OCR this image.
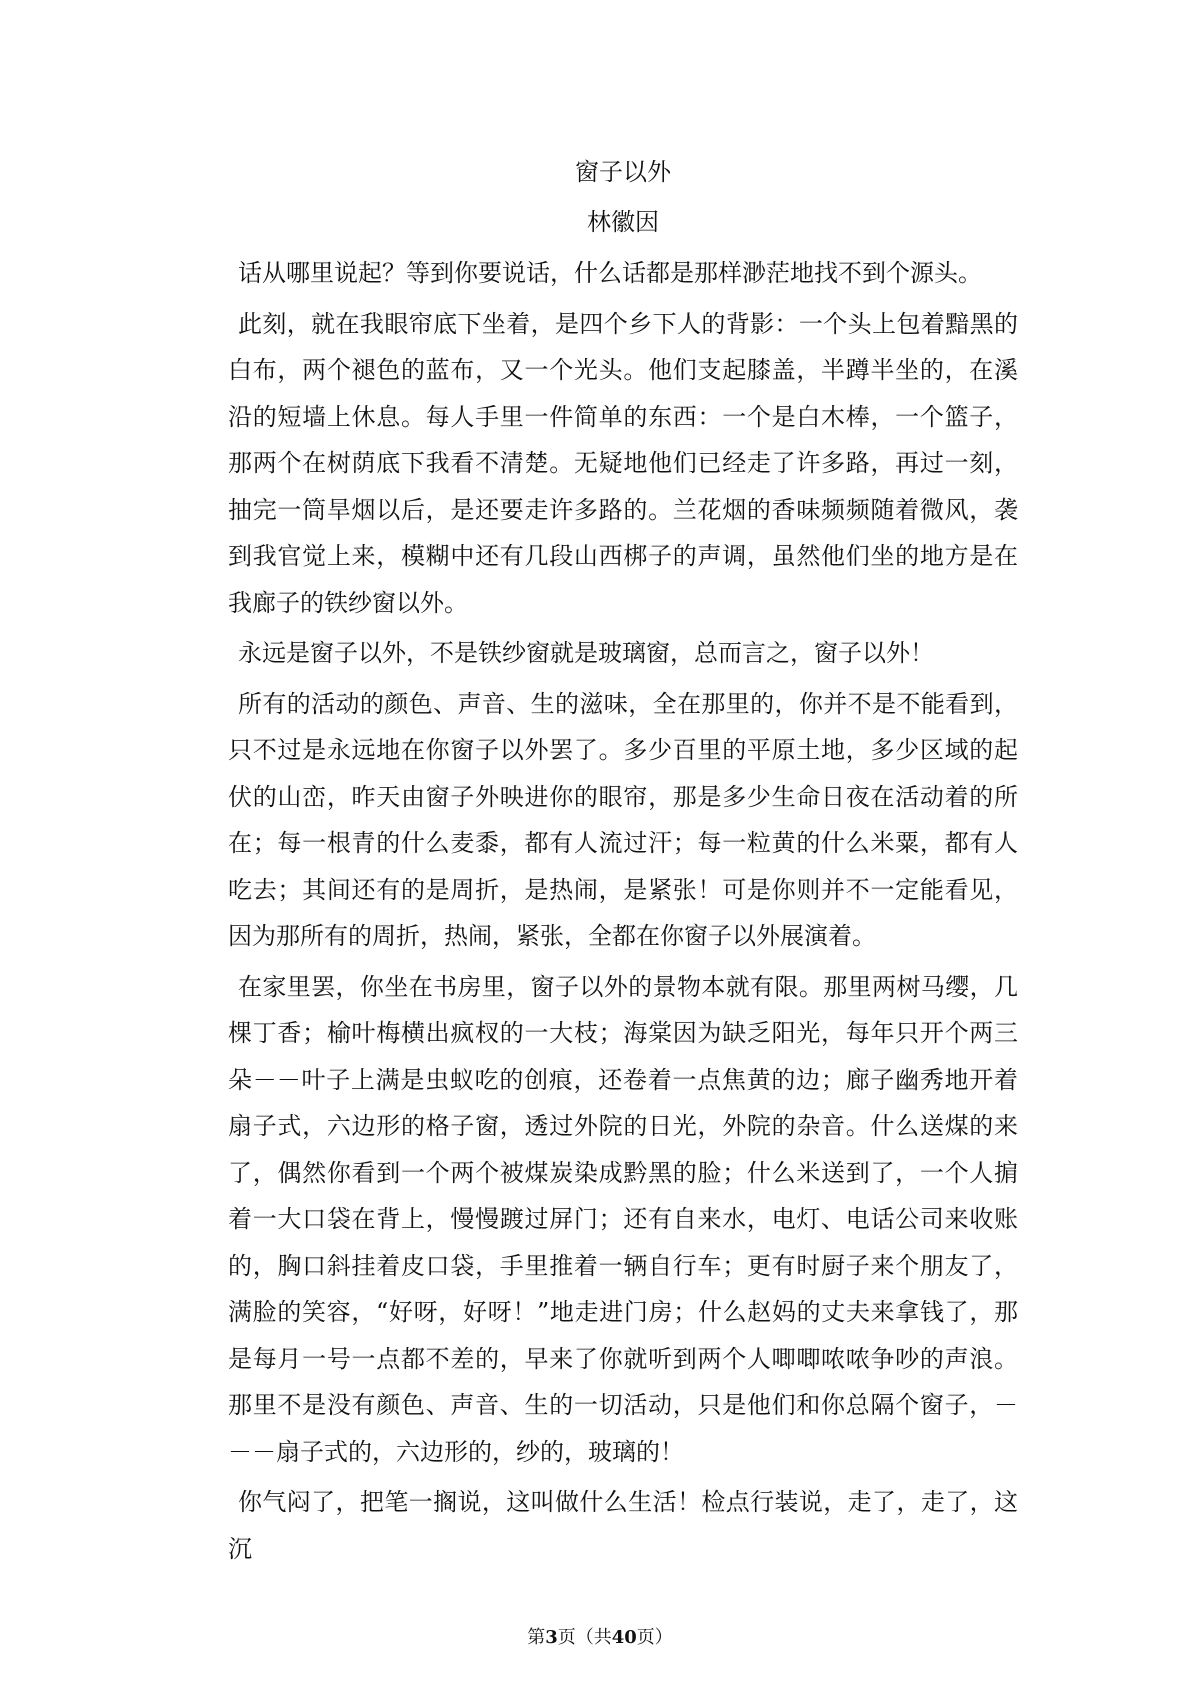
窗子以外

林徽因

话从哪里说起？等到你要说话，什么话都是那样渺茫地找不到个源头。

此刻，就在我眼帘底下坐着，是四个乡下人的背影：一个头上包着黯黑的白布，两个褪色的蓝布，又一个光头。他们支起膝盖，半蹲半坐的，在溪沿的短墙上休息。每人手里一件简单的东西：一个是白木棒，一个篮子，那两个在树荫底下我看不清楚。无疑地他们已经走了许多路，再过一刻，抽完一筒旱烟以后，是还要走许多路的。兰花烟的香味频频随着微风，袭到我官觉上来，模糊中还有几段山西梆子的声调，虽然他们坐的地方是在我廊子的铁纱窗以外。

永远是窗子以外，不是铁纱窗就是玻璃窗，总而言之，窗子以外！

所有的活动的颜色、声音、生的滋味，全在那里的，你并不是不能看到，只不过是永远地在你窗子以外罢了。多少百里的平原土地，多少区域的起伏的山峦，昨天由窗子外映进你的眼帘，那是多少生命日夜在活动着的所在；每一根青的什么麦黍，都有人流过汗；每一粒黄的什么米粟，都有人吃去；其间还有的是周折，是热闹，是紧张！可是你则并不一定能看见，因为那所有的周折，热闹，紧张，全都在你窗子以外展演着。

在家里罢，你坐在书房里，窗子以外的景物本就有限。那里两树马缨，几棵丁香；榆叶梅横出疯杈的一大枝；海棠因为缺乏阳光，每年只开个两三朵－－叶子上满是虫蚁吃的创痕，还卷着一点焦黄的边；廊子幽秀地开着扇子式，六边形的格子窗，透过外院的日光，外院的杂音。什么送煤的来了，偶然你看到一个两个被煤炭染成黔黑的脸；什么米送到了，一个人掮着一大口袋在背上，慢慢踱过屏门；还有自来水，电灯、电话公司来收账的，胸口斜挂着皮口袋，手里推着一辆自行车；更有时厨子来个朋友了，满脸的笑容，“好呀，好呀！”地走进门房；什么赵妈的丈夫来拿钱了，那是每月一号一点都不差的，早来了你就听到两个人唧唧哝哝争吵的声浪。那里不是没有颜色、声音、生的一切活动，只是他们和你总隔个窗子，－－－扇子式的，六边形的，纱的，玻璃的！

你气闷了，把笔一搁说，这叫做什么生活！检点行装说，走了，走了，这沉

第3页（共40页）
